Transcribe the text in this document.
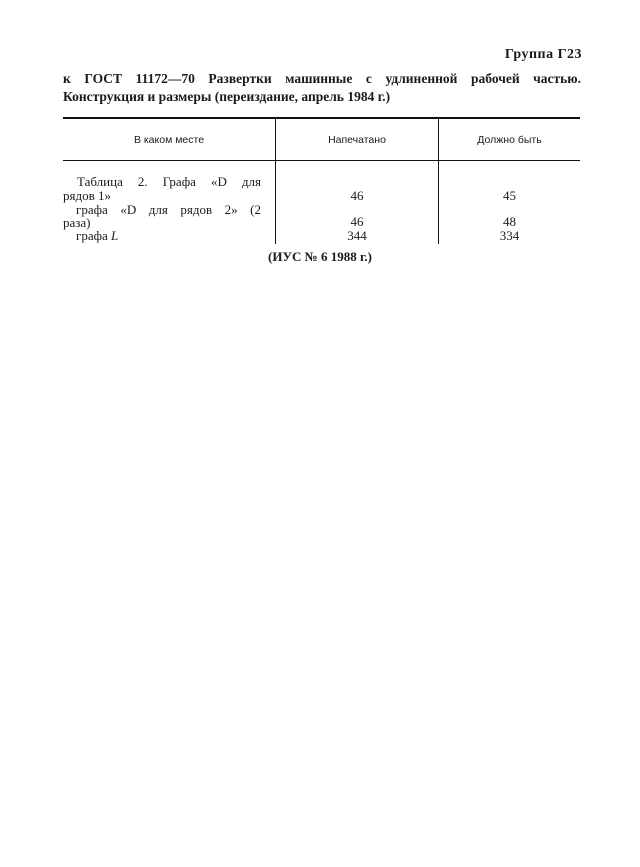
Группа Г23
к ГОСТ 11172—70 Развертки машинные с удлиненной рабочей частью. Конструкция и размеры (переиздание, апрель 1984 г.)
В каком месте	Напечатано	Должно быть
Таблица 2. Графа «D для
рядов 1»	46	45
графа «D для рядов 2» (2
раза)	46	48
графа L	344	334
(ИУС № 6 1988 г.)
